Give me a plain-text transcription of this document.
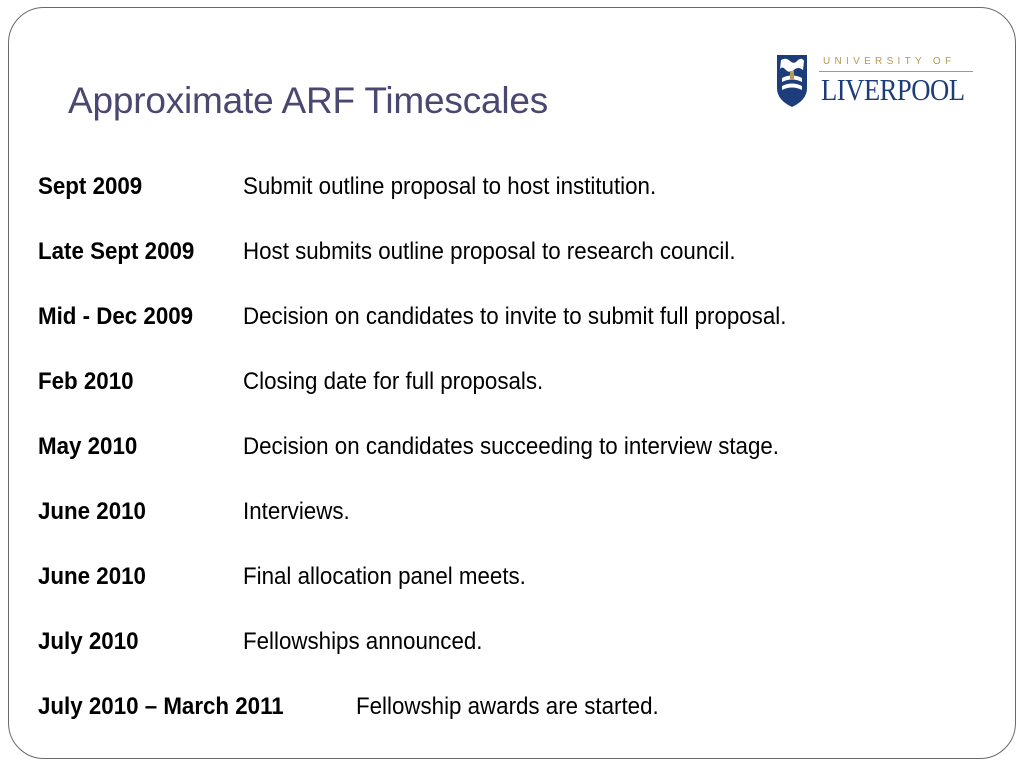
Approximate ARF Timescales
UNIVERSITY OF
LIVERPOOL
Sept 2009	Submit outline proposal to host institution.
Late Sept 2009 Host submits outline proposal to research council.
Mid - Dec 2009 Decision on candidates to invite to submit full proposal.
Feb 2010	Closing date for full proposals.
May 2010	Decision on candidates succeeding to interview stage.
June 2010	Interviews.
June 2010	Final allocation panel meets.
July 2010	Fellowships announced.
July 2010 – March 2011	Fellowship awards are started.
